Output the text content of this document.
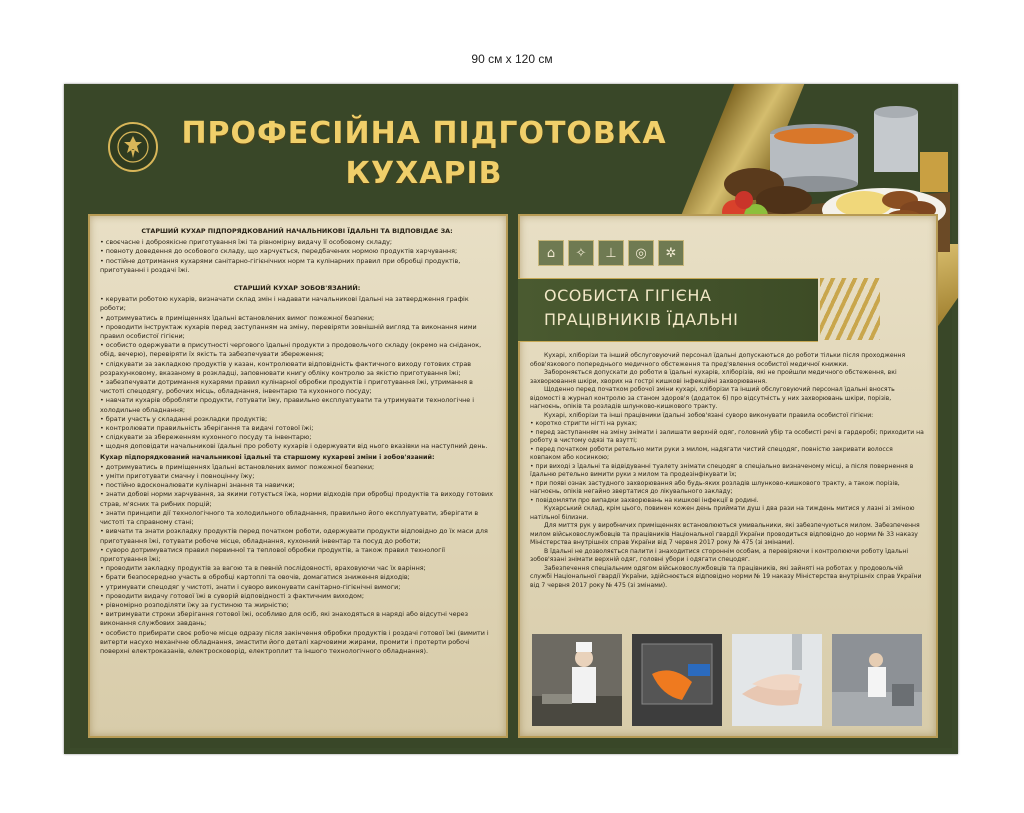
90 см х 120 см
ПРОФЕСІЙНА ПІДГОТОВКА
КУХАРІВ
СТАРШИЙ КУХАР ПІДПОРЯДКОВАНИЙ НАЧАЛЬНИКОВІ ЇДАЛЬНІ ТА ВІДПОВІДАЄ ЗА:
• своєчасне і доброякісне приготування їжі та рівномірну видачу її особовому складу;
• повноту доведення до особового складу, що харчується, передбачених нормою продуктів харчування;
• постійне дотримання кухарями санітарно-гігієнічних норм та кулінарних правил при обробці продуктів, приготуванні і роздачі їжі.
СТАРШИЙ КУХАР ЗОБОВ'ЯЗАНИЙ:
• керувати роботою кухарів, визначати склад змін і надавати начальникові їдальні на затвердження графік роботи;
• дотримуватись в приміщеннях їдальні встановлених вимог пожежної безпеки;
• проводити інструктаж кухарів перед заступанням на зміну, перевіряти зовнішній вигляд та виконання ними правил особистої гігієни;
• особисто одержувати в присутності чергового їдальні продукти з продовольчого складу (окремо на сніданок, обід, вечерю), перевіряти їх якість та забезпечувати збереження;
• слідкувати за закладкою продуктів у казан, контролювати відповідність фактичного виходу готових страв розрахунковому, вказаному в розкладці, заповнювати книгу обліку контролю за якістю приготування їжі;
• забезпечувати дотримання кухарями правил кулінарної обробки продуктів і приготування їжі, утримання в чистоті спецодягу, робочих місць, обладнання, інвентарю та кухонного посуду;
• навчати кухарів обробляти продукти, готувати їжу, правильно експлуатувати та утримувати технологічне і холодильне обладнання;
• брати участь у складанні розкладки продуктів;
• контролювати правильність зберігання та видачі готової їжі;
• слідкувати за збереженням кухонного посуду та інвентарю;
• щодня доповідати начальникові їдальні про роботу кухарів і одержувати від нього вказівки на наступний день.
Кухар підпорядкований начальникові їдальні та старшому кухареві зміни і зобов'язаний:
• дотримуватись в приміщеннях їдальні встановлених вимог пожежної безпеки;
• уміти приготувати смачну і повноцінну їжу;
• постійно вдосконалювати кулінарні знання та навички;
• знати добові норми харчування, за якими готується їжа, норми відходів при обробці продуктів та виходу готових страв, м'ясних та рибних порцій;
• знати принципи дії технологічного та холодильного обладнання, правильно його експлуатувати, зберігати в чистоті та справному стані;
• вивчати та знати розкладку продуктів перед початком роботи, одержувати продукти відповідно до їх маси для приготування їжі, готувати робоче місце, обладнання, кухонний інвентар та посуд до роботи;
• суворо дотримуватися правил первинної та теплової обробки продуктів, а також правил технології приготування їжі;
• проводити закладку продуктів за вагою та в певній послідовності, враховуючи час їх варіння;
• брати безпосередню участь в обробці картоплі та овочів, домагатися зниження відходів;
• утримувати спецодяг у чистоті, знати і суворо виконувати санітарно-гігієнічні вимоги;
• проводити видачу готової їжі в суворій відповідності з фактичним виходом;
• рівномірно розподіляти їжу за густиною та жирністю;
• витримувати строки зберігання готової їжі, особливо для осіб, які знаходяться в наряді або відсутні через виконання службових завдань;
• особисто прибирати своє робоче місце одразу після закінчення обробки продуктів і роздачі готової їжі (вимити і витерти насухо механічне обладнання, змастити його деталі харчовими жирами, промити і протерти робочі поверхні електроказанів, електросковорід, електроплит та іншого технологічного обладнання).
⌂	✧	⊥	◎	✲
ОСОБИСТА ГІГІЄНА
ПРАЦІВНИКІВ ЇДАЛЬНІ

Кухарі, хліборізи та інший обслуговуючий персонал їдальні допускаються до роботи тільки після проходження обов'язкового попереднього медичного обстеження та пред'явлення особистої медичної книжки.

Забороняється допускати до роботи в їдальні кухарів, хліборізів, які не пройшли медичного обстеження, вкі захворювання шкіри, хворих на гострі кишкові інфекційні захворювання.

Щоденно перед початком робочої зміни кухарі, хліборізи та інший обслуговуючий персонал їдальні вносять відомості в журнал контролю за станом здоров'я (додаток 6) про відсутність у них захворювань шкіри, порізів, нагноєнь, опіків та розладів шлунково-кишкового тракту.

Кухарі, хліборізи та інші працівники їдальні зобов'язані суворо виконувати правила особистої гігієни:

• коротко стригти нігті на руках;

• перед заступанням на зміну знімати і залишати верхній одяг, головний убір та особисті речі в гардеробі; приходити на роботу в чистому одязі та взутті;

• перед початком роботи ретельно мити руки з милом, надягати чистий спецодяг, повністю закривати волосся ковпаком або косинкою;

• при виході з їдальні та відвідуванні туалету знімати спецодяг в спеціально визначеному місці, а після повернення в їдальню ретельно вимити руки з милом та продезінфікувати їх;

• при появі ознак застудного захворювання або будь-яких розладів шлунково-кишкового тракту, а також порізів, нагноєнь, опіків негайно звертатися до лікувального закладу;

• повідомляти про випадки захворювань на кишкові інфекції в родині.

Кухарський склад, крім цього, повинен кожен день приймати душ і два рази на тиждень митися у лазні зі зміною натільної білизни.

Для миття рук у виробничих приміщеннях встановлюються умивальники, які забезпечуються милом. Забезпечення милом військовослужбовців та працівників Національної гвардії України проводиться відповідно до норми № 33 наказу Міністерства внутрішніх справ України від 7 червня 2017 року № 475 (зі змінами).

В їдальні не дозволяється палити і знаходитися стороннім особам, а перевіряючи і контролюючи роботу їдальні зобов'язані знімати верхній одяг, головні убори і одягати спецодяг.

Забезпечення спеціальним одягом військовослужбовців та працівників, які зайняті на роботах у продовольчій службі Національної гвардії України, здійснюється відповідно норми № 19 наказу Міністерства внутрішніх справ України від 7 червня 2017 року № 475 (зі змінами).
